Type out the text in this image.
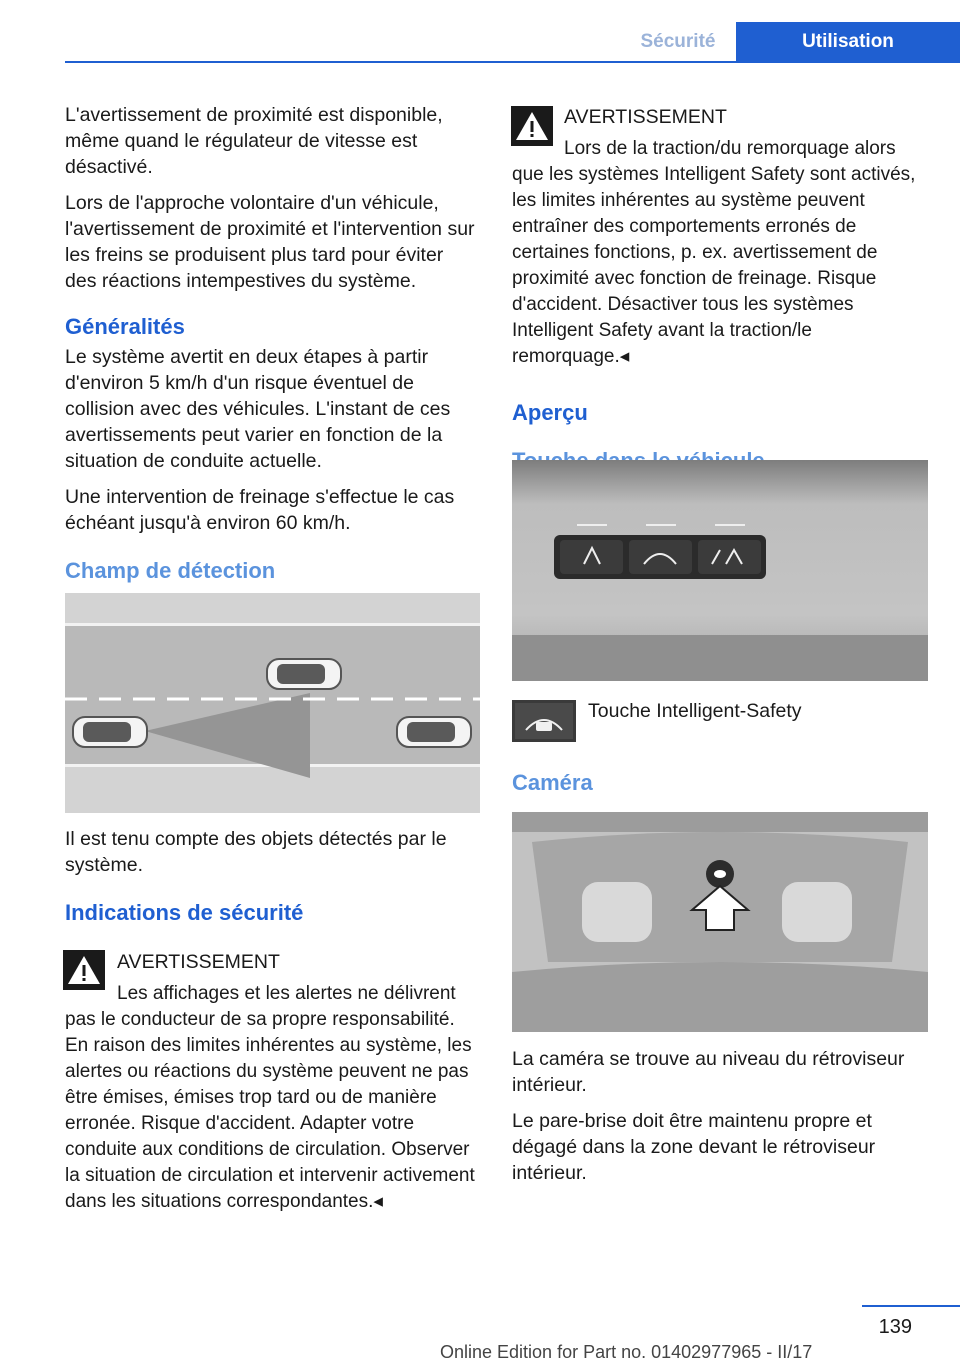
Sécurité	Utilisation

L'avertissement de proximité est disponible, même quand le régulateur de vitesse est désactivé.

Lors de l'approche volontaire d'un véhicule, l'avertissement de proximité et l'intervention sur les freins se produisent plus tard pour éviter des réactions intempestives du système.

Généralités

Le système avertit en deux étapes à partir d'environ 5 km/h d'un risque éventuel de collision avec des véhicules. L'instant de ces avertissements peut varier en fonction de la situation de conduite actuelle.

Une intervention de freinage s'effectue le cas échéant jusqu'à environ 60 km/h.

Champ de détection

Il est tenu compte des objets détectés par le système.

Indications de sécurité

AVERTISSEMENT

Les affichages et les alertes ne délivrent pas le conducteur de sa propre responsabilité. En raison des limites inhérentes au système, les alertes ou réactions du système peuvent ne pas être émises, émises trop tard ou de manière erronée. Risque d'accident. Adapter votre conduite aux conditions de circulation. Observer la situation de circulation et intervenir activement dans les situations correspondantes.◂

AVERTISSEMENT

Lors de la traction/du remorquage alors que les systèmes Intelligent Safety sont activés, les limites inhérentes au système peuvent entraîner des comportements erronés de certaines fonctions, p. ex. avertissement de proximité avec fonction de freinage. Risque d'accident. Désactiver tous les systèmes Intelligent Safety avant la traction/le remorquage.◂

Aperçu

Touche Intelligent-Safety

Caméra

La caméra se trouve au niveau du rétroviseur intérieur.

Le pare-brise doit être maintenu propre et dégagé dans la zone devant le rétroviseur intérieur.

139
Online Edition for Part no. 01402977965 - II/17
